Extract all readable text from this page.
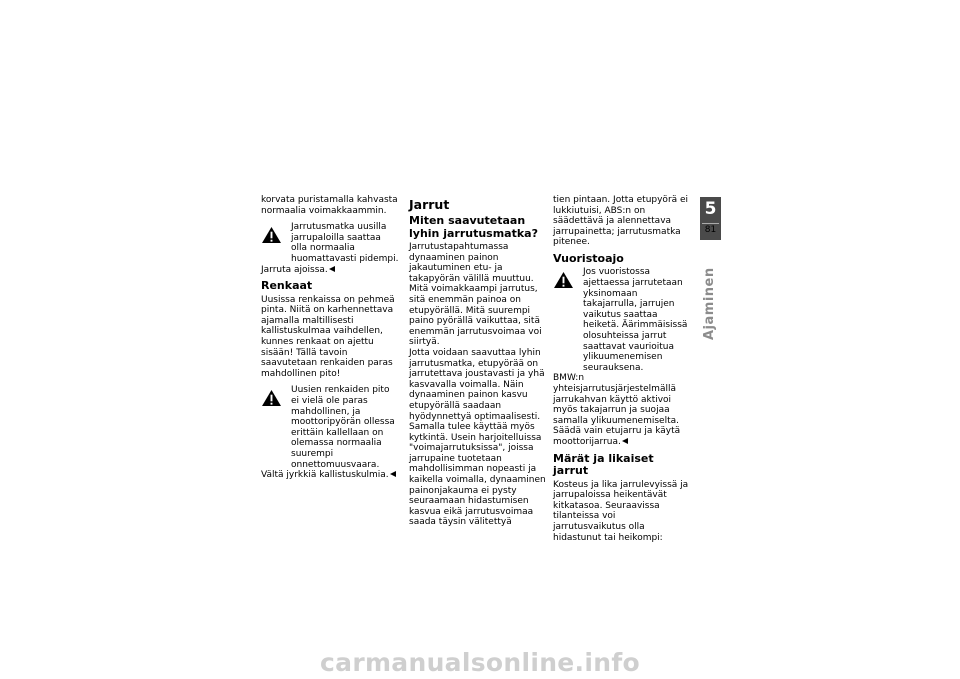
korvata puristamalla kahvasta normaalia voimakkaammin.

Jarrutusmatka uusilla jarrupaloilla saattaa olla normaalia huomattavasti pidempi.

Jarruta ajoissa.

Renkaat

Uusissa renkaissa on pehmeä pinta. Niitä on karhennettava ajamalla maltillisesti kallistuskulmaa vaihdellen, kunnes renkaat on ajettu sisään! Tällä tavoin saavutetaan renkaiden paras mahdollinen pito!

Uusien renkaiden pito ei vielä ole paras mahdollinen, ja moottoripyörän ollessa erittäin kallellaan on olemassa normaalia suurempi onnettomuusvaara.

Vältä jyrkkiä kallistuskulmia.

Jarrut
Miten saavutetaan lyhin jarrutusmatka?

Jarrutustapahtumassa dynaaminen painon jakautuminen etu- ja takapyörän välillä muuttuu. Mitä voimakkaampi jarrutus, sitä enemmän painoa on etupyörällä. Mitä suurempi paino pyörällä vaikuttaa, sitä enemmän jarrutusvoimaa voi siirtyä.

Jotta voidaan saavuttaa lyhin jarrutusmatka, etupyörää on jarrutettava joustavasti ja yhä kasvavalla voimalla. Näin dynaaminen painon kasvu etupyörällä saadaan hyödynnettyä optimaalisesti. Samalla tulee käyttää myös kytkintä. Usein harjoitelluissa "voimajarrutuksissa", joissa jarrupaine tuotetaan mahdollisimman nopeasti ja kaikella voimalla, dynaaminen painonjakauma ei pysty seuraamaan hidastumisen kasvua eikä jarrutusvoimaa saada täysin välitettyä

tien pintaan. Jotta etupyörä ei lukkiutuisi, ABS:n on säädettävä ja alennettava jarrupainetta; jarrutusmatka pitenee.

Vuoristoajo
Jos vuoristossa ajettaessa jarrutetaan yksinomaan takajarrulla, jarrujen vaikutus saattaa heiketä. Äärimmäisissä olosuhteissa jarrut saattavat vaurioitua ylikuumenemisen seurauksena.

BMW:n yhteisjarrutusjärjestelmällä jarrukahvan käyttö aktivoi myös takajarrun ja suojaa samalla ylikuumenemiselta. Säädä vain etujarru ja käytä moottorijarrua.

Märät ja likaiset jarrut

Kosteus ja lika jarrulevyissä ja jarrupaloissa heikentävät kitkatasoa. Seuraavissa tilanteissa voi jarrutusvaikutus olla hidastunut tai heikompi:

5
81
Ajaminen
carmanualsonline.info
